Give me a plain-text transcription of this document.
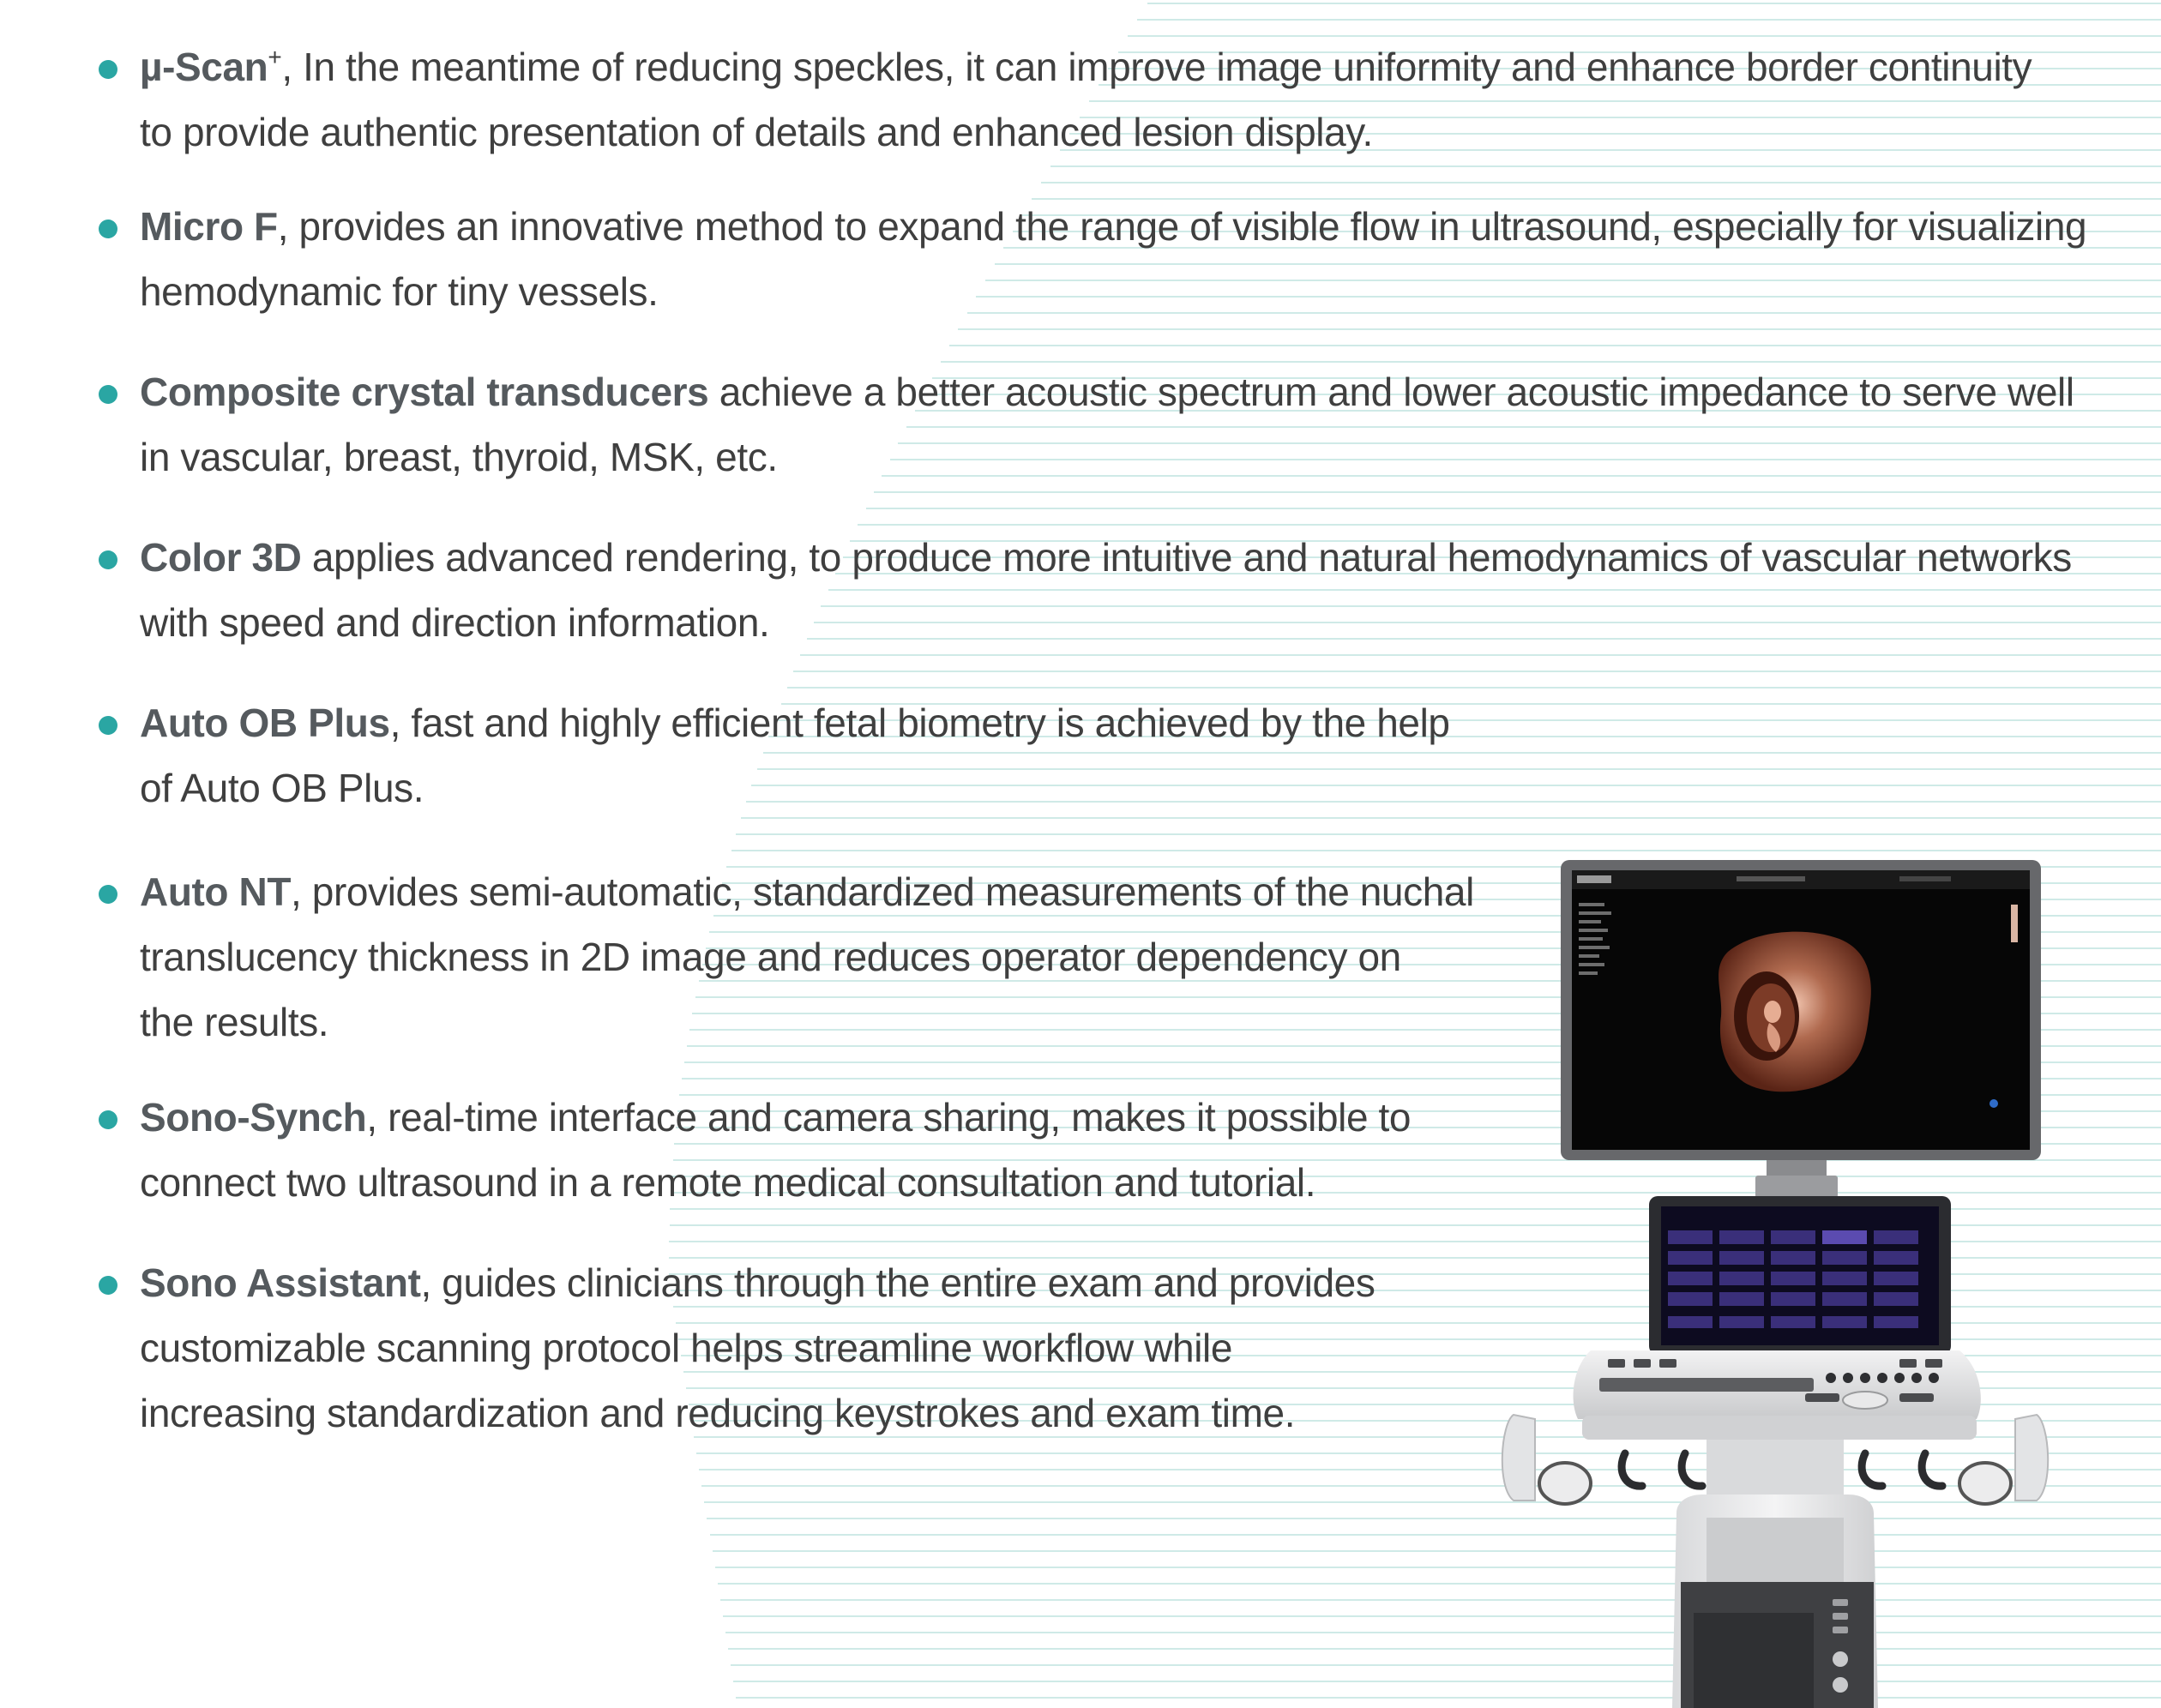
µ-Scan+, In the meantime of reducing speckles, it can improve image uniformity and enhance border continuity
to provide authentic presentation of details and enhanced lesion display.

Micro F, provides an innovative method to expand the range of visible flow in ultrasound, especially for visualizing
hemodynamic for tiny vessels.

Composite crystal transducers achieve a better acoustic spectrum and lower acoustic impedance to serve well
in vascular, breast, thyroid, MSK, etc.

Color 3D applies advanced rendering, to produce more intuitive and natural hemodynamics of vascular networks
with speed and direction information.

Auto OB Plus, fast and highly efficient fetal biometry is achieved by the help
of Auto OB Plus.

Auto NT, provides semi-automatic, standardized measurements of the nuchal
translucency thickness in 2D image and reduces operator dependency on
the results.

Sono-Synch, real-time interface and camera sharing, makes it possible to
connect two ultrasound in a remote medical consultation and tutorial.

Sono Assistant, guides clinicians through the entire exam and provides
customizable scanning protocol helps streamline workflow while
increasing standardization and reducing keystrokes and exam time.
